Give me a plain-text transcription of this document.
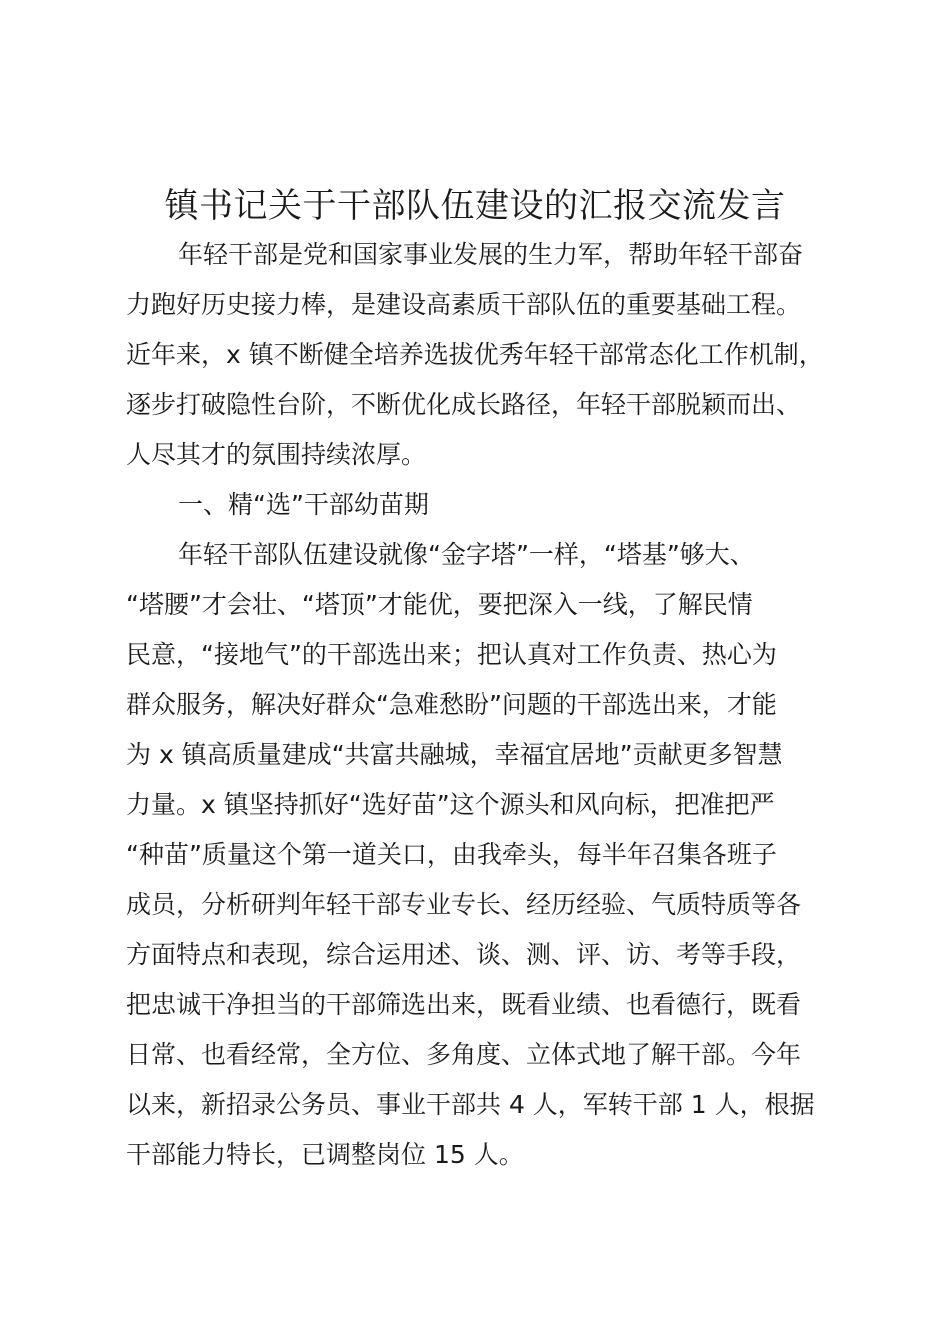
镇书记关于干部队伍建设的汇报交流发言
年轻干部是党和国家事业发展的生力军，帮助年轻干部奋
力跑好历史接力棒，是建设高素质干部队伍的重要基础工程。
近年来，x 镇不断健全培养选拔优秀年轻干部常态化工作机制，
逐步打破隐性台阶，不断优化成长路径，年轻干部脱颖而出、
人尽其才的氛围持续浓厚。
一、精“选”干部幼苗期
年轻干部队伍建设就像“金字塔”一样，“塔基”够大、
“塔腰”才会壮、“塔顶”才能优，要把深入一线，了解民情
民意，“接地气”的干部选出来；把认真对工作负责、热心为
群众服务，解决好群众“急难愁盼”问题的干部选出来，才能
为 x 镇高质量建成“共富共融城，幸福宜居地”贡献更多智慧
力量。x 镇坚持抓好“选好苗”这个源头和风向标，把准把严
“种苗”质量这个第一道关口，由我牵头，每半年召集各班子
成员，分析研判年轻干部专业专长、经历经验、气质特质等各
方面特点和表现，综合运用述、谈、测、评、访、考等手段，
把忠诚干净担当的干部筛选出来，既看业绩、也看德行，既看
日常、也看经常，全方位、多角度、立体式地了解干部。今年
以来，新招录公务员、事业干部共 4 人，军转干部 1 人，根据
干部能力特长，已调整岗位 15 人。
